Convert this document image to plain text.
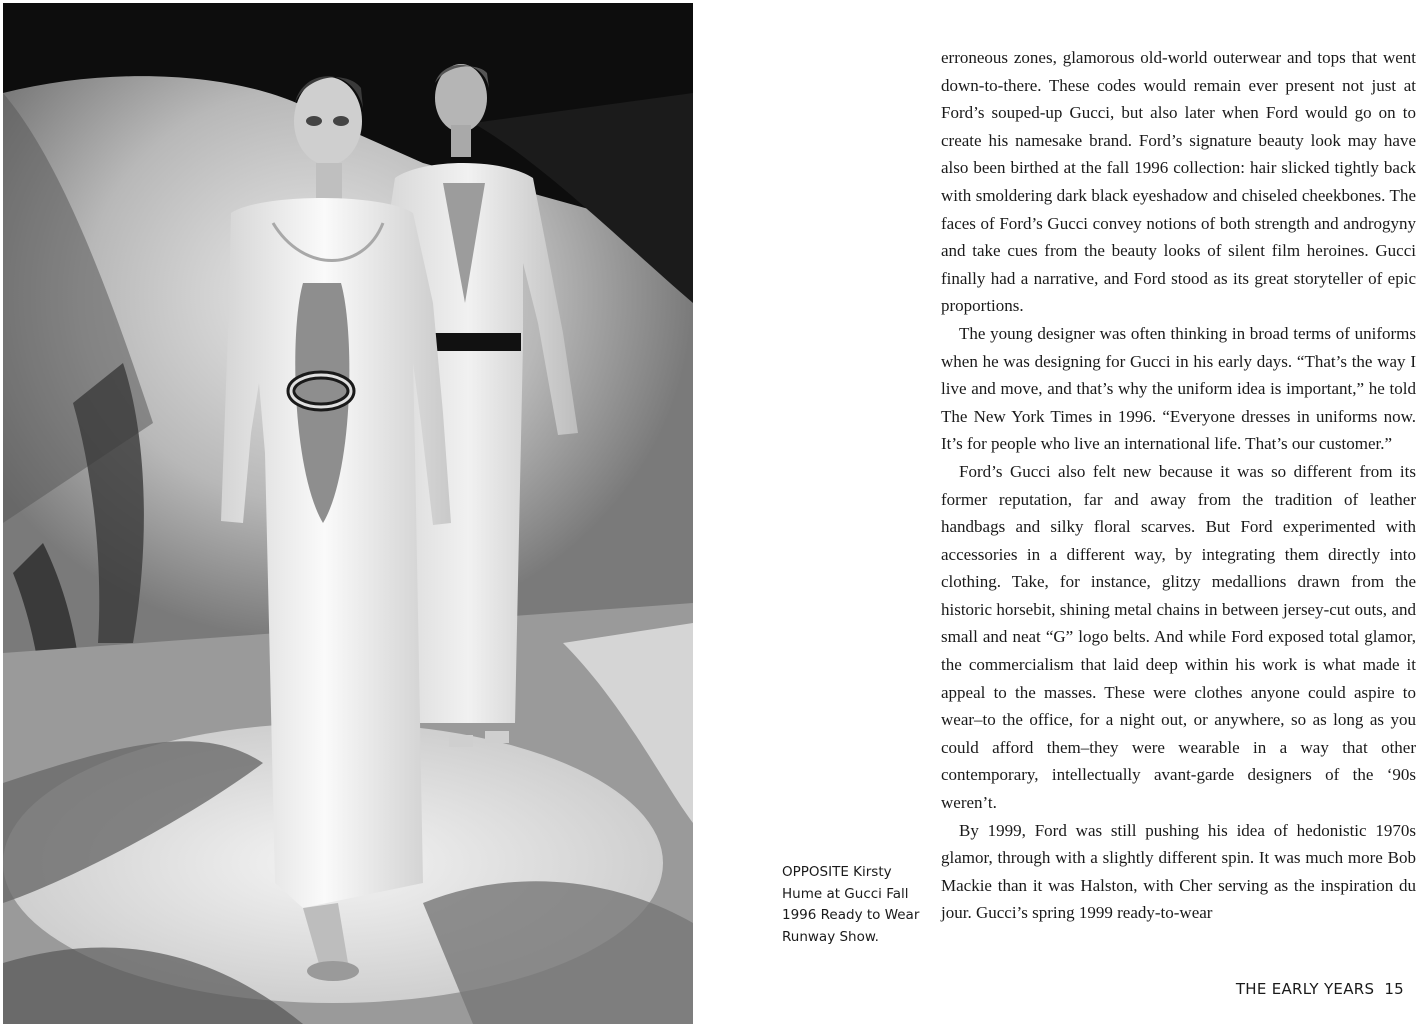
OPPOSITE Kirsty Hume at Gucci Fall 1996 Ready to Wear Runway Show.

erroneous zones, glamorous old-world outerwear and tops that went down-to-there. These codes would remain ever present not just at Ford’s souped-up Gucci, but also later when Ford would go on to create his namesake brand. Ford’s signature beauty look may have also been birthed at the fall 1996 collection: hair slicked tightly back with smoldering dark black eyeshadow and chiseled cheekbones. The faces of Ford’s Gucci convey notions of both strength and androgyny and take cues from the beauty looks of silent film heroines. Gucci finally had a narrative, and Ford stood as its great storyteller of epic proportions.

The young designer was often thinking in broad terms of uniforms when he was designing for Gucci in his early days. “That’s the way I live and move, and that’s why the uniform idea is important,” he told The New York Times in 1996. “Everyone dresses in uniforms now. It’s for people who live an international life. That’s our customer.”

Ford’s Gucci also felt new because it was so different from its former reputation, far and away from the tradition of leather handbags and silky floral scarves. But Ford experimented with accessories in a different way, by integrating them directly into clothing. Take, for instance, glitzy medallions drawn from the historic horsebit, shining metal chains in between jersey-cut outs, and small and neat “G” logo belts. And while Ford exposed total glamor, the commercialism that laid deep within his work is what made it appeal to the masses. These were clothes anyone could aspire to wear–to the office, for a night out, or anywhere, so as long as you could afford them–they were wearable in a way that other contemporary, intellectually avant-garde designers of the ‘90s weren’t.

By 1999, Ford was still pushing his idea of hedonistic 1970s glamor, through with a slightly different spin. It was much more Bob Mackie than it was Halston, with Cher serving as the inspiration du jour. Gucci’s spring 1999 ready-to-wear

THE EARLY YEARS 15
